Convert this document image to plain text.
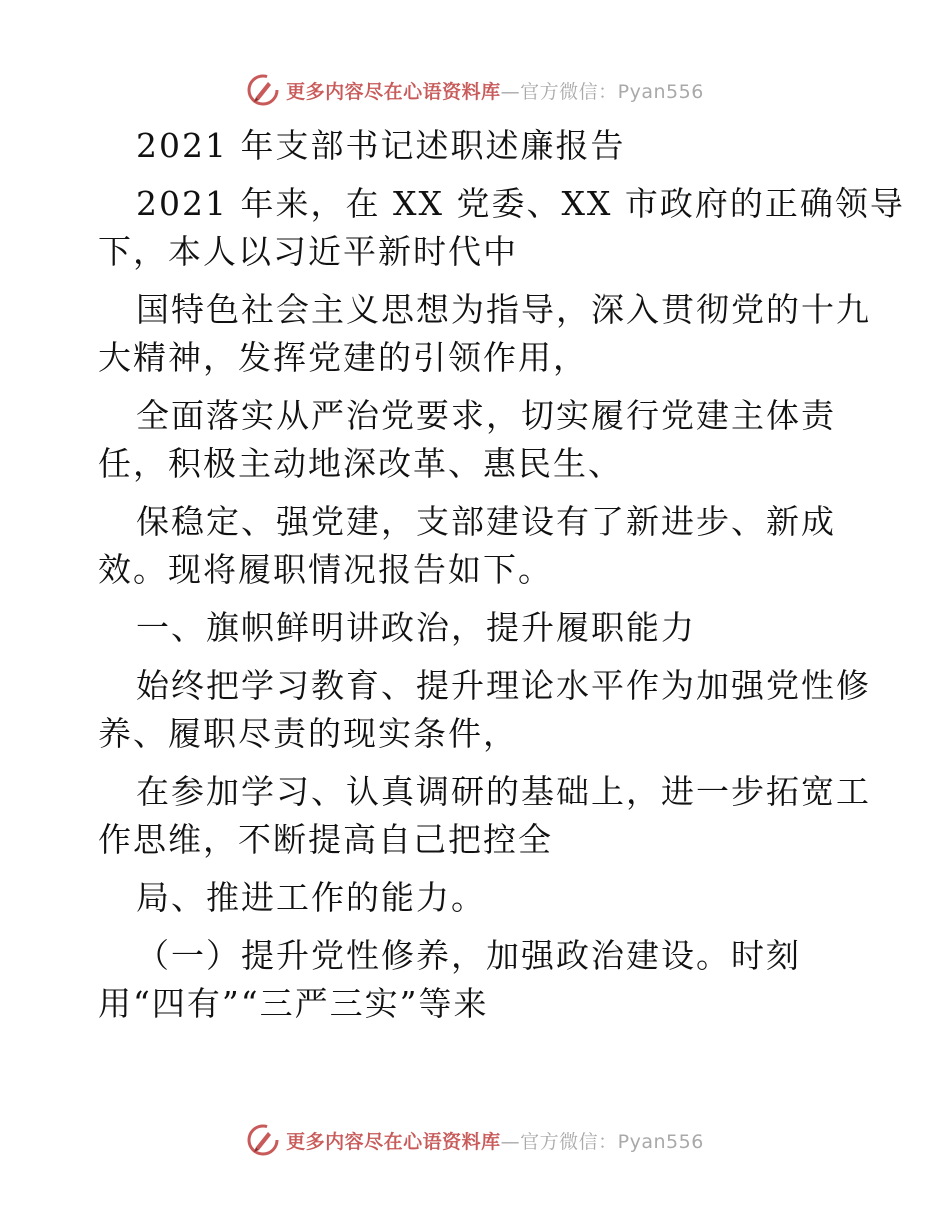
更多内容尽在心语资料库 —官方微信：Pyan556

2021 年支部书记述职述廉报告

2021 年来，在 XX 党委、XX 市政府的正确领导

下，本人以习近平新时代中

国特色社会主义思想为指导，深入贯彻党的十九

大精神，发挥党建的引领作用，

全面落实从严治党要求，切实履行党建主体责

任，积极主动地深改革、惠民生、

保稳定、强党建，支部建设有了新进步、新成

效。现将履职情况报告如下。

一、旗帜鲜明讲政治，提升履职能力

始终把学习教育、提升理论水平作为加强党性修

养、履职尽责的现实条件，

在参加学习、认真调研的基础上，进一步拓宽工

作思维，不断提高自己把控全

局、推进工作的能力。

（一）提升党性修养，加强政治建设。时刻

用“四有”“三严三实”等来

更多内容尽在心语资料库 —官方微信：Pyan556
